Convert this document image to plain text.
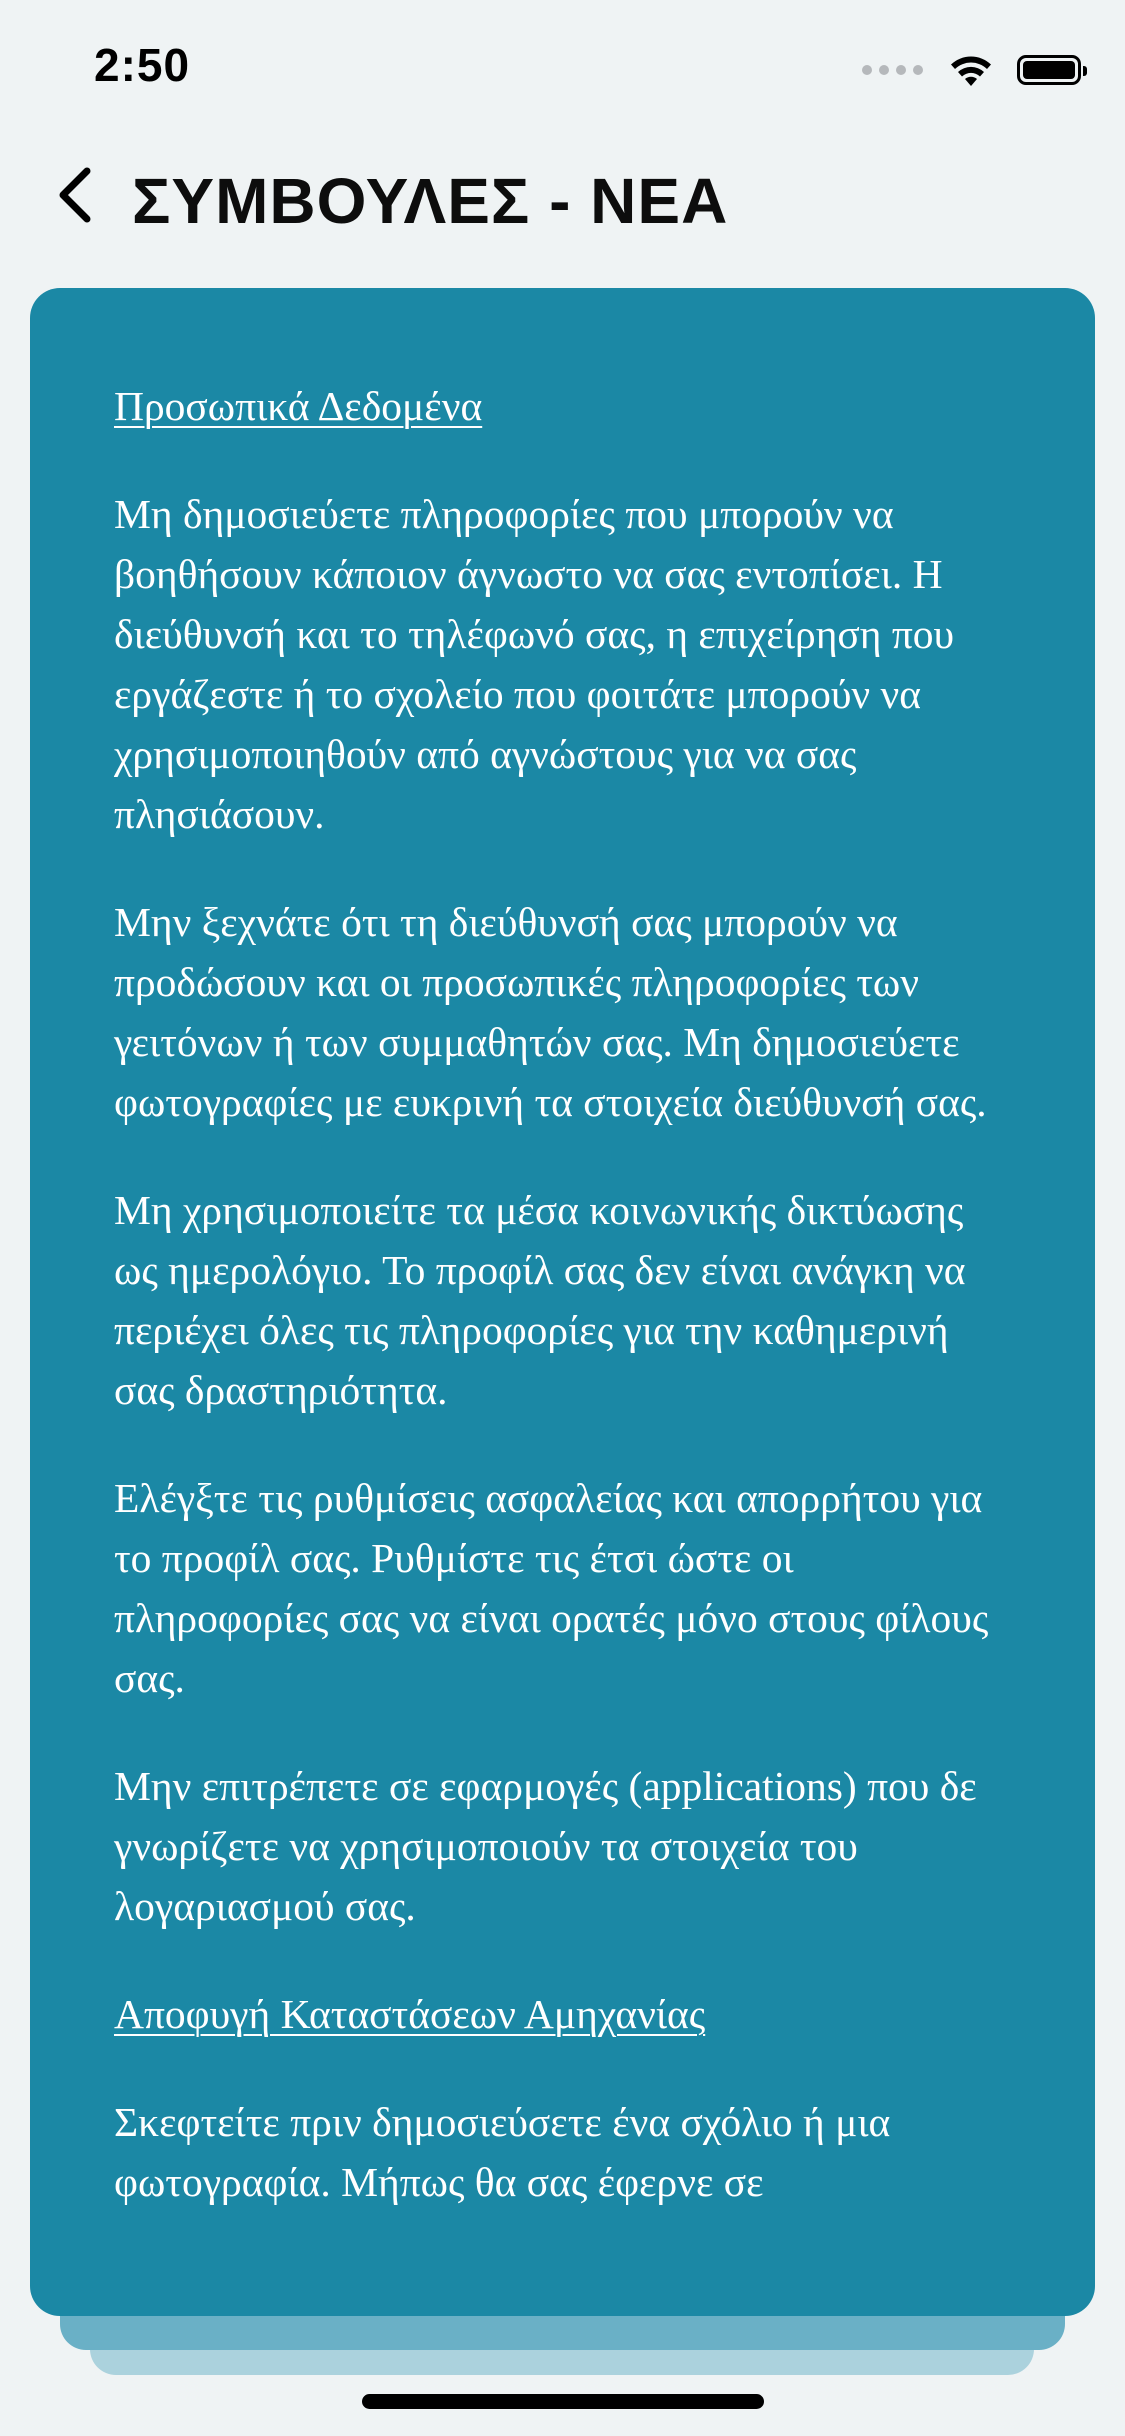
2:50
ΣΥΜΒΟΥΛΕΣ - ΝΕΑ

Προσωπικά Δεδομένα

Μη δημοσιεύετε πληροφορίες που μπορούν να βοηθήσουν κάποιον άγνωστο να σας εντοπίσει. Η διεύθυνσή και το τηλέφωνό σας, η επιχείρηση που εργάζεστε ή το σχολείο που φοιτάτε μπορούν να χρησιμοποιηθούν από αγνώστους για να σας πλησιάσουν.

Μην ξεχνάτε ότι τη διεύθυνσή σας μπορούν να προδώσουν και οι προσωπικές πληροφορίες των γειτόνων ή των συμμαθητών σας. Μη δημοσιεύετε φωτογραφίες με ευκρινή τα στοιχεία διεύθυνσή σας.

Μη χρησιμοποιείτε τα μέσα κοινωνικής δικτύωσης ως ημερολόγιο. Το προφίλ σας δεν είναι ανάγκη να περιέχει όλες τις πληροφορίες για την καθημερινή σας δραστηριότητα.

Ελέγξτε τις ρυθμίσεις ασφαλείας και απορρήτου για το προφίλ σας. Ρυθμίστε τις έτσι ώστε οι πληροφορίες σας να είναι ορατές μόνο στους φίλους σας.

Μην επιτρέπετε σε εφαρμογές (applications) που δε γνωρίζετε να χρησιμοποιούν τα στοιχεία του λογαριασμού σας.

Αποφυγή Καταστάσεων Αμηχανίας

Σκεφτείτε πριν δημοσιεύσετε ένα σχόλιο ή μια φωτογραφία. Μήπως θα σας έφερνε σε
